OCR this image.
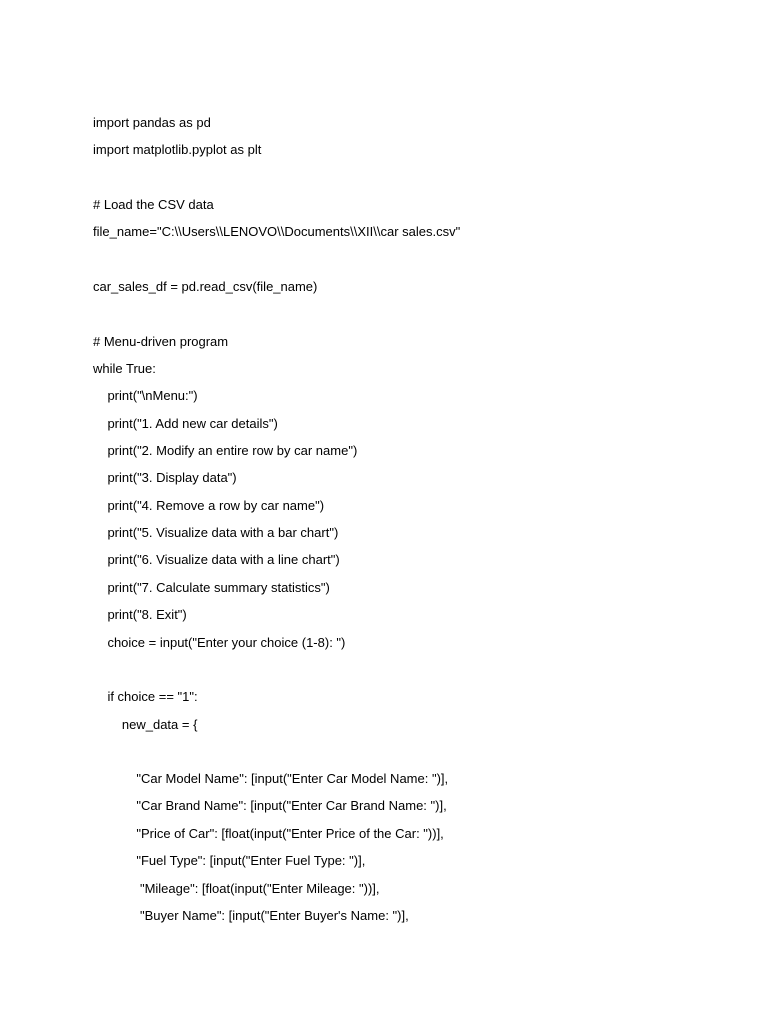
import pandas as pd
import matplotlib.pyplot as plt
# Load the CSV data
file_name="C:\\Users\\LENOVO\\Documents\\XII\\car sales.csv"
car_sales_df = pd.read_csv(file_name)
# Menu-driven program
while True:
print("\nMenu:")
print("1. Add new car details")
print("2. Modify an entire row by car name")
print("3. Display data")
print("4. Remove a row by car name")
print("5. Visualize data with a bar chart")
print("6. Visualize data with a line chart")
print("7. Calculate summary statistics")
print("8. Exit")
choice = input("Enter your choice (1-8): ")
if choice == "1":
new_data = {
"Car Model Name": [input("Enter Car Model Name: ")],
"Car Brand Name": [input("Enter Car Brand Name: ")],
"Price of Car": [float(input("Enter Price of the Car: "))],
"Fuel Type": [input("Enter Fuel Type: ")],
"Mileage": [float(input("Enter Mileage: "))],
"Buyer Name": [input("Enter Buyer's Name: ")],
